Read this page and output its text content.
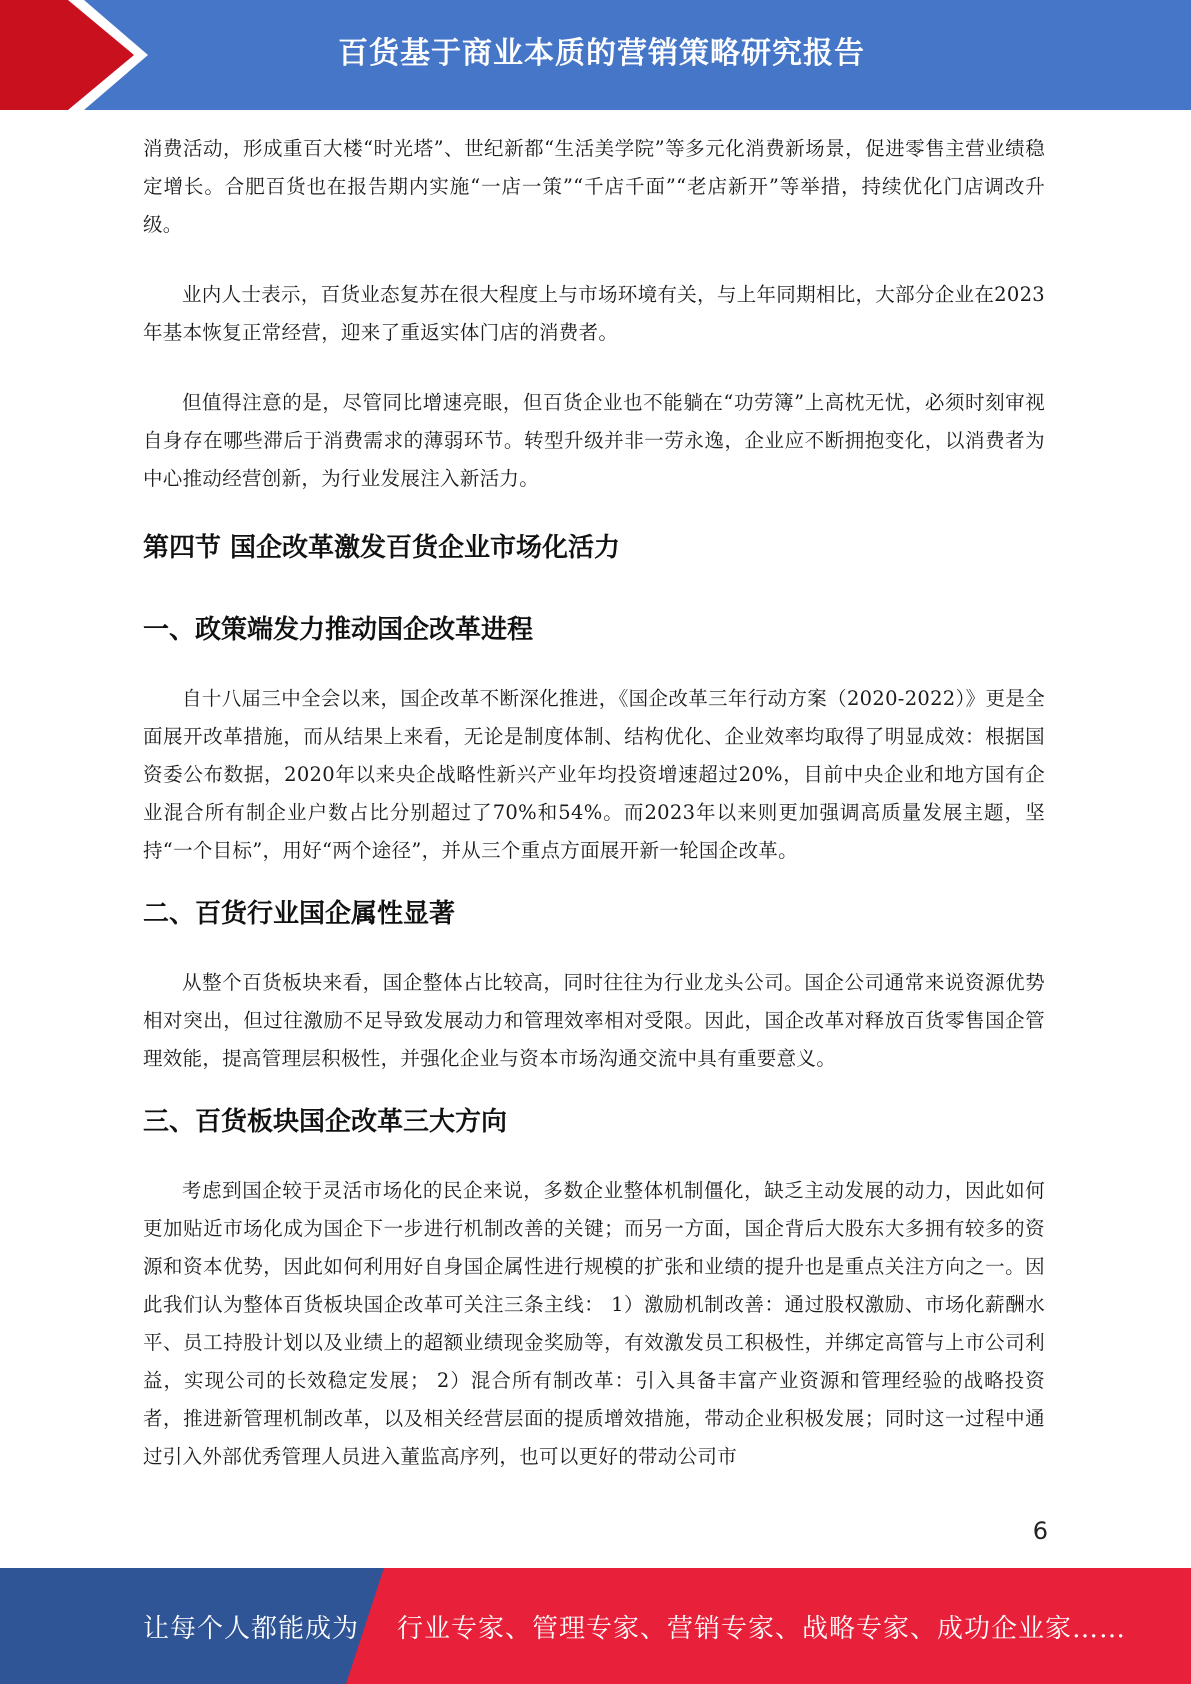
百货基于商业本质的营销策略研究报告

消费活动，形成重百大楼“时光塔”、世纪新都“生活美学院”等多元化消费新场景，促进零售主营业绩稳定增长。合肥百货也在报告期内实施“一店一策”“千店千面”“老店新开”等举措，持续优化门店调改升级。

业内人士表示，百货业态复苏在很大程度上与市场环境有关，与上年同期相比，大部分企业在2023年基本恢复正常经营，迎来了重返实体门店的消费者。

但值得注意的是，尽管同比增速亮眼，但百货企业也不能躺在“功劳簿”上高枕无忧，必须时刻审视自身存在哪些滞后于消费需求的薄弱环节。转型升级并非一劳永逸，企业应不断拥抱变化，以消费者为中心推动经营创新，为行业发展注入新活力。

第四节 国企改革激发百货企业市场化活力
一、政策端发力推动国企改革进程

自十八届三中全会以来，国企改革不断深化推进，《国企改革三年行动方案（2020-2022）》更是全面展开改革措施，而从结果上来看，无论是制度体制、结构优化、企业效率均取得了明显成效：根据国资委公布数据，2020年以来央企战略性新兴产业年均投资增速超过20%，目前中央企业和地方国有企业混合所有制企业户数占比分别超过了70%和54%。而2023年以来则更加强调高质量发展主题，坚持“一个目标”，用好“两个途径”，并从三个重点方面展开新一轮国企改革。

二、百货行业国企属性显著

从整个百货板块来看，国企整体占比较高，同时往往为行业龙头公司。国企公司通常来说资源优势相对突出，但过往激励不足导致发展动力和管理效率相对受限。因此，国企改革对释放百货零售国企管理效能，提高管理层积极性，并强化企业与资本市场沟通交流中具有重要意义。

三、百货板块国企改革三大方向

考虑到国企较于灵活市场化的民企来说，多数企业整体机制僵化，缺乏主动发展的动力，因此如何更加贴近市场化成为国企下一步进行机制改善的关键；而另一方面，国企背后大股东大多拥有较多的资源和资本优势，因此如何利用好自身国企属性进行规模的扩张和业绩的提升也是重点关注方向之一。因此我们认为整体百货板块国企改革可关注三条主线： 1）激励机制改善：通过股权激励、市场化薪酬水平、员工持股计划以及业绩上的超额业绩现金奖励等，有效激发员工积极性，并绑定高管与上市公司利益，实现公司的长效稳定发展； 2）混合所有制改革：引入具备丰富产业资源和管理经验的战略投资者，推进新管理机制改革，以及相关经营层面的提质增效措施，带动企业积极发展；同时这一过程中通过引入外部优秀管理人员进入董监高序列，也可以更好的带动公司市

6
让每个人都能成为 行业专家、管理专家、营销专家、战略专家、成功企业家……
